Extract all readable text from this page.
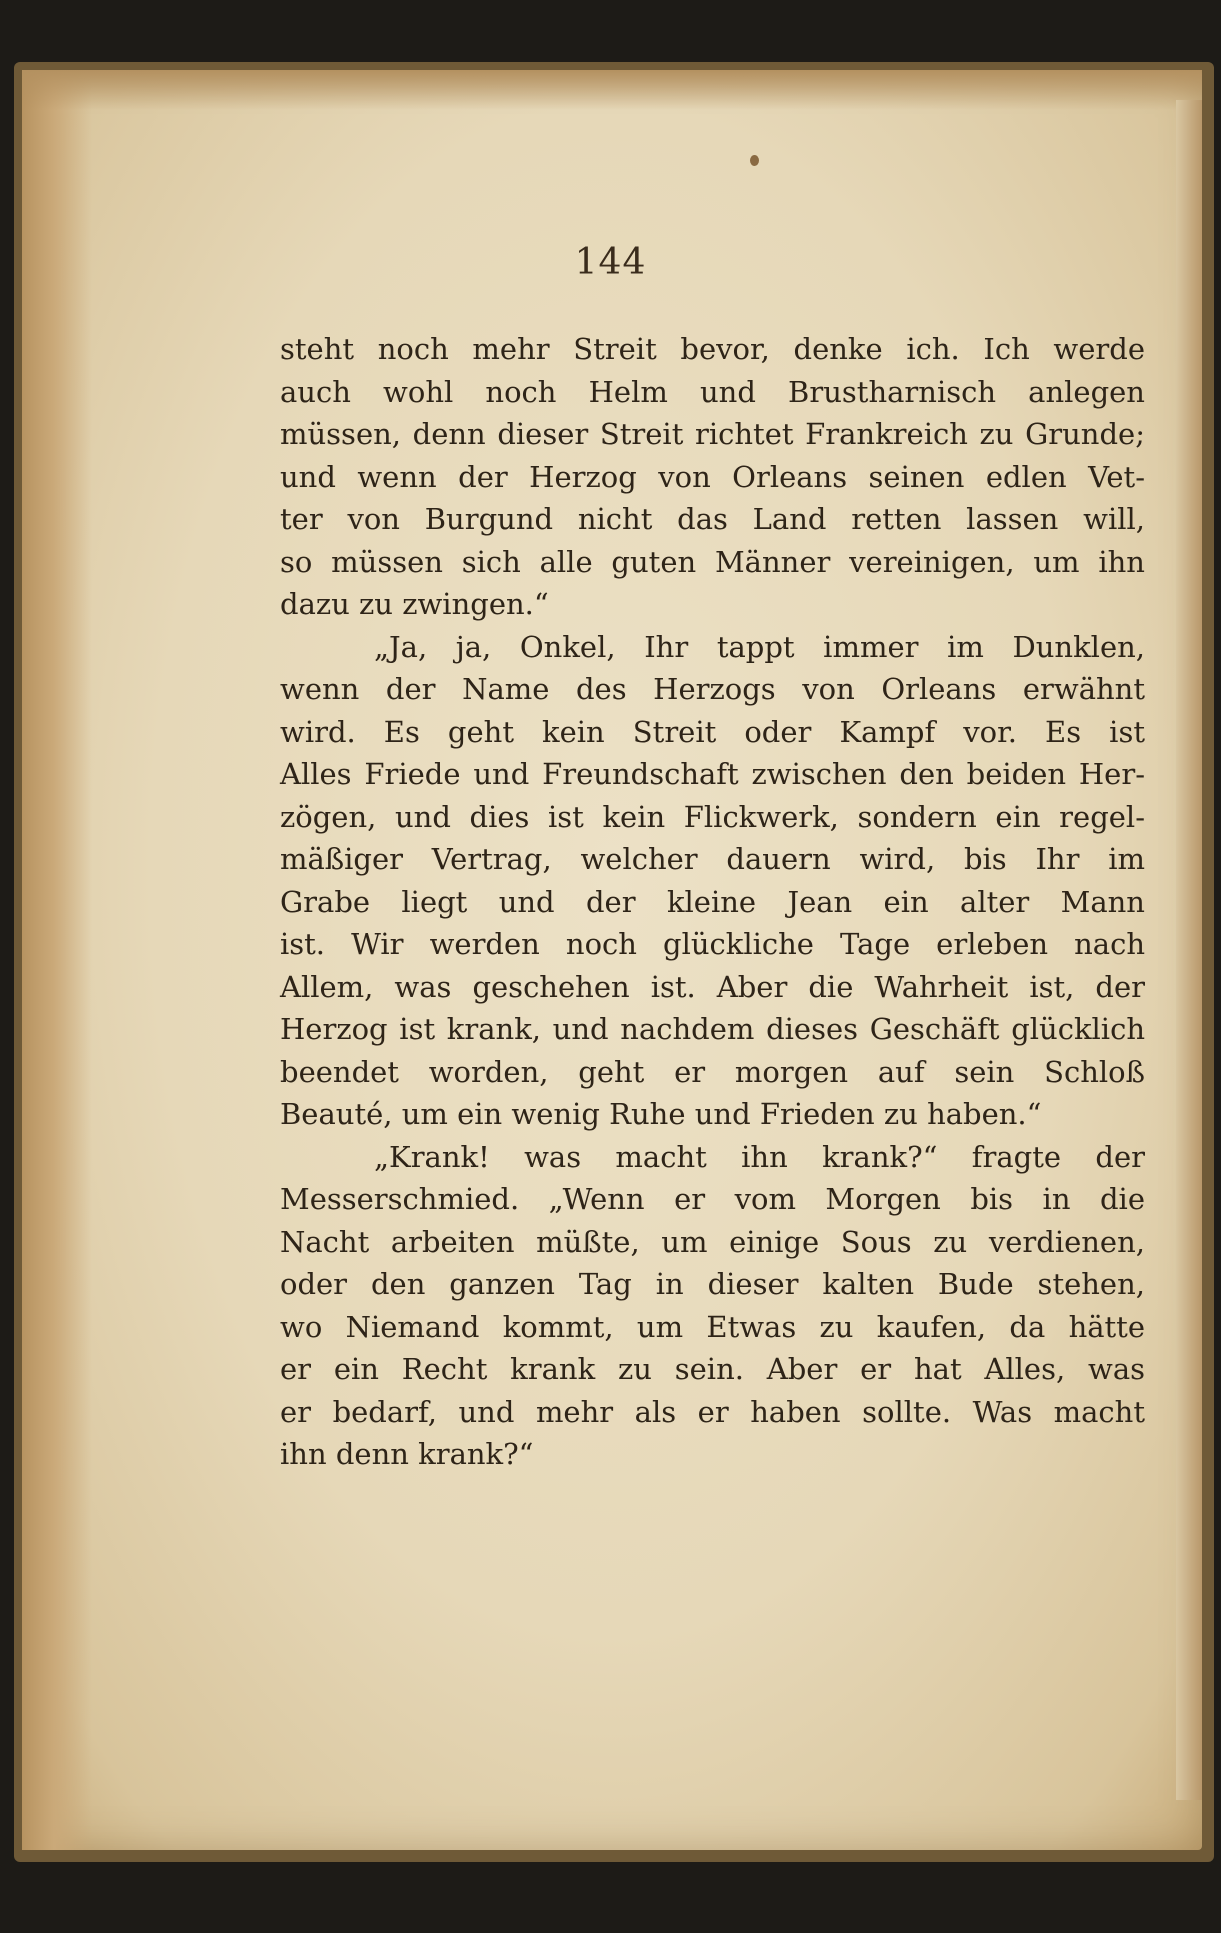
144
steht noch mehr Streit bevor, denke ich. Ich werde
auch wohl noch Helm und Brustharnisch anlegen
müssen, denn dieser Streit richtet Frankreich zu Grunde;
und wenn der Herzog von Orleans seinen edlen Vet-
ter von Burgund nicht das Land retten lassen will,
so müssen sich alle guten Männer vereinigen, um ihn
dazu zu zwingen.“
„Ja, ja, Onkel, Ihr tappt immer im Dunklen,
wenn der Name des Herzogs von Orleans erwähnt
wird. Es geht kein Streit oder Kampf vor. Es ist
Alles Friede und Freundschaft zwischen den beiden Her-
zögen, und dies ist kein Flickwerk, sondern ein regel-
mäßiger Vertrag, welcher dauern wird, bis Ihr im
Grabe liegt und der kleine Jean ein alter Mann
ist. Wir werden noch glückliche Tage erleben nach
Allem, was geschehen ist. Aber die Wahrheit ist, der
Herzog ist krank, und nachdem dieses Geschäft glücklich
beendet worden, geht er morgen auf sein Schloß
Beauté, um ein wenig Ruhe und Frieden zu haben.“
„Krank! was macht ihn krank?“ fragte der
Messerschmied. „Wenn er vom Morgen bis in die
Nacht arbeiten müßte, um einige Sous zu verdienen,
oder den ganzen Tag in dieser kalten Bude stehen,
wo Niemand kommt, um Etwas zu kaufen, da hätte
er ein Recht krank zu sein. Aber er hat Alles, was
er bedarf, und mehr als er haben sollte. Was macht
ihn denn krank?“
